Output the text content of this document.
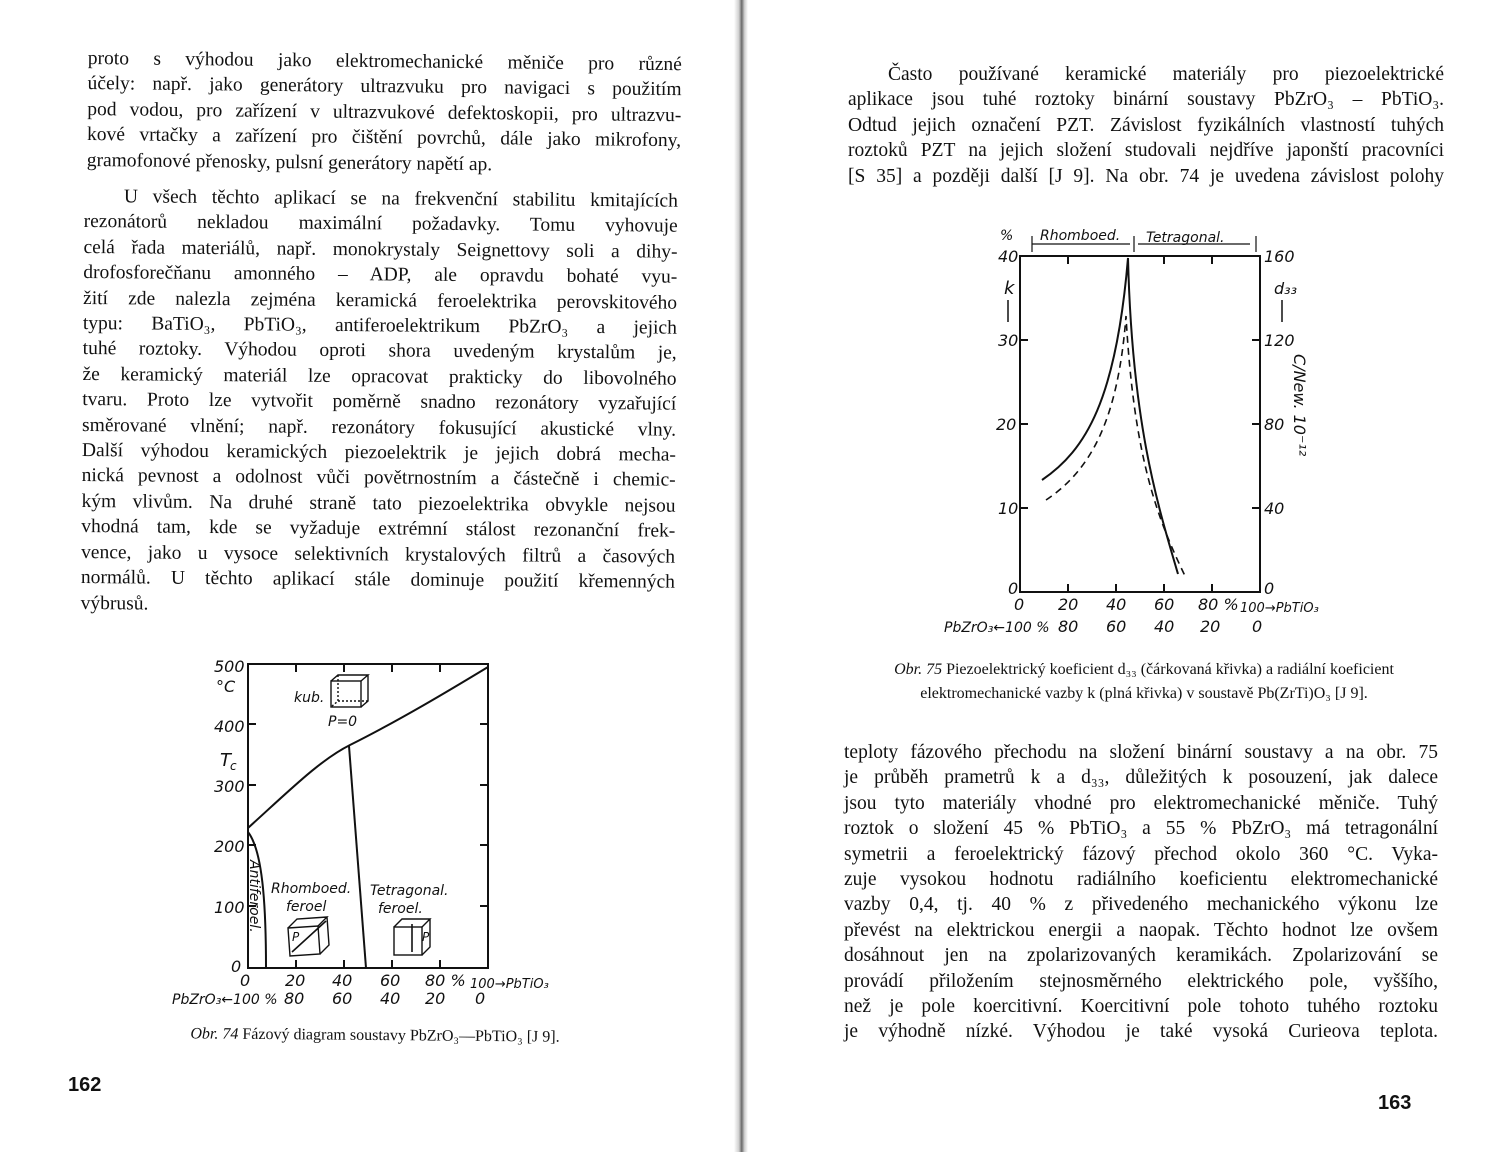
proto s výhodou jako elektromechanické měniče pro různé
účely: např. jako generátory ultrazvuku pro navigaci s použitím
pod vodou, pro zařízení v ultrazvukové defektoskopii, pro ultrazvu-
kové vrtačky a zařízení pro čištění povrchů, dále jako mikrofony,
gramofonové přenosky, pulsní generátory napětí ap.
U všech těchto aplikací se na frekvenční stabilitu kmitajících
rezonátorů nekladou maximální požadavky. Tomu vyhovuje
celá řada materiálů, např. monokrystaly Seignettovy soli a dihy-
drofosforečňanu amonného – ADP, ale opravdu bohaté vyu-
žití zde nalezla zejména keramická feroelektrika perovskitového
typu: BaTiO₃, PbTiO₃, antiferoelektrikum PbZrO₃ a jejich
tuhé roztoky. Výhodou oproti shora uvedeným krystalům je,
že keramický materiál lze opracovat prakticky do libovolného
tvaru. Proto lze vytvořit poměrně snadno rezonátory vyzařující
směrované vlnění; např. rezonátory fokusující akustické vlny.
Další výhodou keramických piezoelektrik je jejich dobrá mecha-
nická pevnost a odolnost vůči povětrnostním a částečně i chemic-
kým vlivům. Na druhé straně tato piezoelektrika obvykle nejsou
vhodná tam, kde se vyžaduje extrémní stálost rezonanční frek-
vence, jako u vysoce selektivních krystalových filtrů a časových
normálů. U těchto aplikací stále dominuje použití křemenných
výbrusů.
500
°C
400
T c
300
200
100
0
0 20 40 60 80 % 100→PbTiO₃
PbZrO₃←100 % 80 60 40 20 0
kub.
P=0
Antiferoel. Rhomboed.
feroel
Tetragonal.
feroel.
P	P
Obr. 74 Fázový diagram soustavy PbZrO₃—PbTiO₃ [J 9].
162
Často používané keramické materiály pro piezoelektrické
aplikace jsou tuhé roztoky binární soustavy PbZrO₃ – PbTiO₃.
Odtud jejich označení PZT. Závislost fyzikálních vlastností tuhých
roztoků PZT na jejich složení studovali nejdříve japonští pracovníci
[S 35] a později další [J 9]. Na obr. 74 je uvedena závislost polohy
% Rhomboed. Tetragonal.
40
k
30
20
10
0
160
d₃₃
120
80
40
0
C/New. 10⁻¹²
0 20 40 60 80 % 100→PbTiO₃
PbZrO₃←100 % 80 60 40 20 0
Obr. 75 Piezoelektrický koeficient d₃₃ (čárkovaná křivka) a radiální koeficient
elektromechanické vazby k (plná křivka) v soustavě Pb(ZrTi)O₃ [J 9].
teploty fázového přechodu na složení binární soustavy a na obr. 75
je průběh prametrů k a d₃₃, důležitých k posouzení, jak dalece
jsou tyto materiály vhodné pro elektromechanické měniče. Tuhý
roztok o složení 45 % PbTiO₃ a 55 % PbZrO₃ má tetragonální
symetrii a feroelektrický fázový přechod okolo 360 °C. Vyka-
zuje vysokou hodnotu radiálního koeficientu elektromechanické
vazby 0,4, tj. 40 % z přivedeného mechanického výkonu lze
převést na elektrickou energii a naopak. Těchto hodnot lze ovšem
dosáhnout jen na zpolarizovaných keramikách. Zpolarizování se
provádí přiložením stejnosměrného elektrického pole, vyššího,
než je pole koercitivní. Koercitivní pole tohoto tuhého roztoku
je výhodně nízké. Výhodou je také vysoká Curieova teplota.
163
